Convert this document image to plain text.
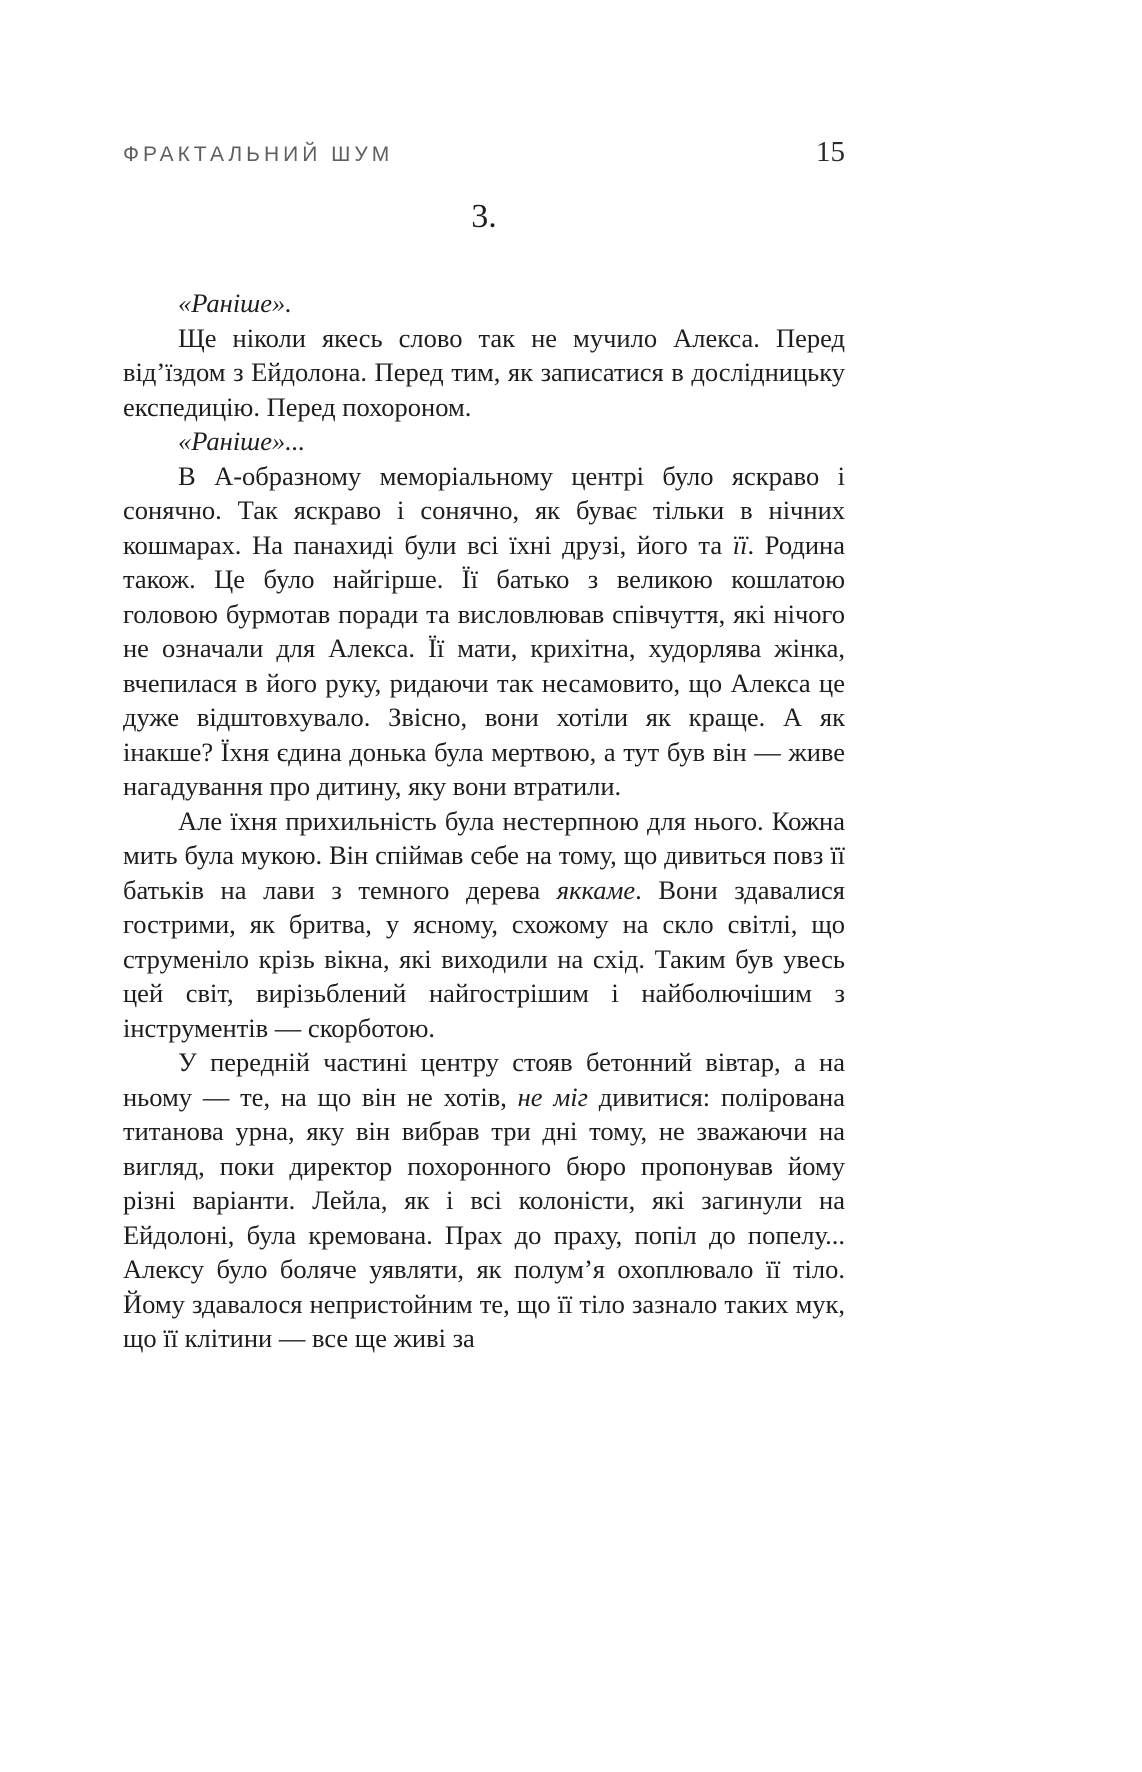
ФРАКТАЛЬНИЙ ШУМ	15
3.

«Раніше».

Ще ніколи якесь слово так не мучило Алекса. Перед від’їздом з Ейдолона. Перед тим, як записатися в дослідницьку експедицію. Перед похороном.

«Раніше»...

В А-образному меморіальному центрі було яскраво і сонячно. Так яскраво і сонячно, як буває тільки в нічних кошмарах. На панахиді були всі їхні друзі, його та її. Родина також. Це було найгірше. Її батько з великою кошлатою головою бурмотав поради та висловлював співчуття, які нічого не означали для Алекса. Її мати, крихітна, худорлява жінка, вчепилася в його руку, ридаючи так несамовито, що Алекса це дуже відштовхувало. Звісно, вони хотіли як краще. А як інакше? Їхня єдина донька була мертвою, а тут був він — живе нагадування про дитину, яку вони втратили.

Але їхня прихильність була нестерпною для нього. Кожна мить була мукою. Він спіймав себе на тому, що дивиться повз її батьків на лави з темного дерева яккаме. Вони здавалися гострими, як бритва, у ясному, схожому на скло світлі, що струменіло крізь вікна, які виходили на схід. Таким був увесь цей світ, вирізьблений найгострішим і найболючішим з інструментів — скорботою.

У передній частині центру стояв бетонний вівтар, а на ньому — те, на що він не хотів, не міг дивитися: полірована титанова урна, яку він вибрав три дні тому, не зважаючи на вигляд, поки директор похоронного бюро пропонував йому різні варіанти. Лейла, як і всі колоністи, які загинули на Ейдолоні, була кремована. Прах до праху, попіл до попелу... Алексу було боляче уявляти, як полум’я охоплювало її тіло. Йому здавалося непристойним те, що її тіло зазнало таких мук, що її клітини — все ще живі за
